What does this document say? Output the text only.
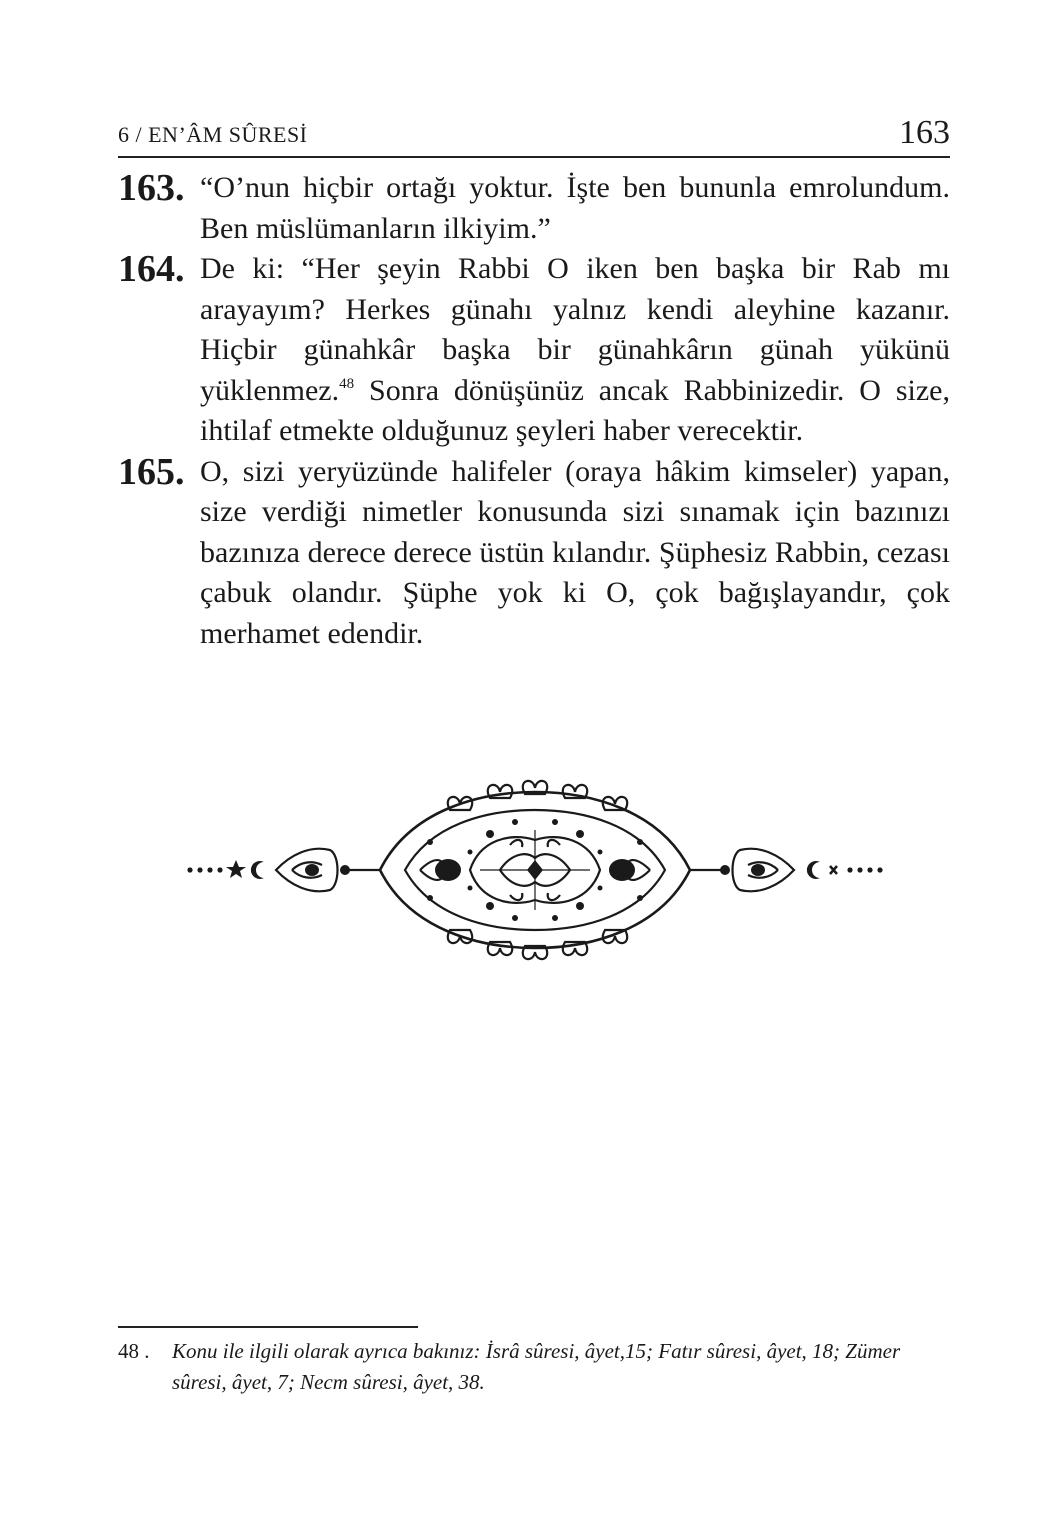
6 / EN’ÂM SÛRESİ	163
163. “O’nun hiçbir ortağı yoktur. İşte ben bununla emrolundum. Ben müslümanların ilkiyim.”
164. De ki: “Her şeyin Rabbi O iken ben başka bir Rab mı arayayım? Herkes günahı yalnız kendi aleyhine kazanır. Hiçbir günahkâr başka bir günahkârın günah yükünü yüklenmez.$^{48}$ Sonra dönüşünüz ancak Rabbinizedir. O size, ihtilaf etmekte olduğunuz şeyleri haber verecektir.
165. O, sizi yeryüzünde halifeler (oraya hâkim kimseler) yapan, size verdiği nimetler konusunda sizi sınamak için bazınızı bazınıza derece derece üstün kılandır. Şüphesiz Rabbin, cezası çabuk olandır. Şüphe yok ki O, çok bağışlayandır, çok merhamet edendir.
48 . Konu ile ilgili olarak ayrıca bakınız: İsrâ sûresi, âyet,15; Fatır sûresi, âyet, 18; Zümer
sûresi, âyet, 7; Necm sûresi, âyet, 38.
